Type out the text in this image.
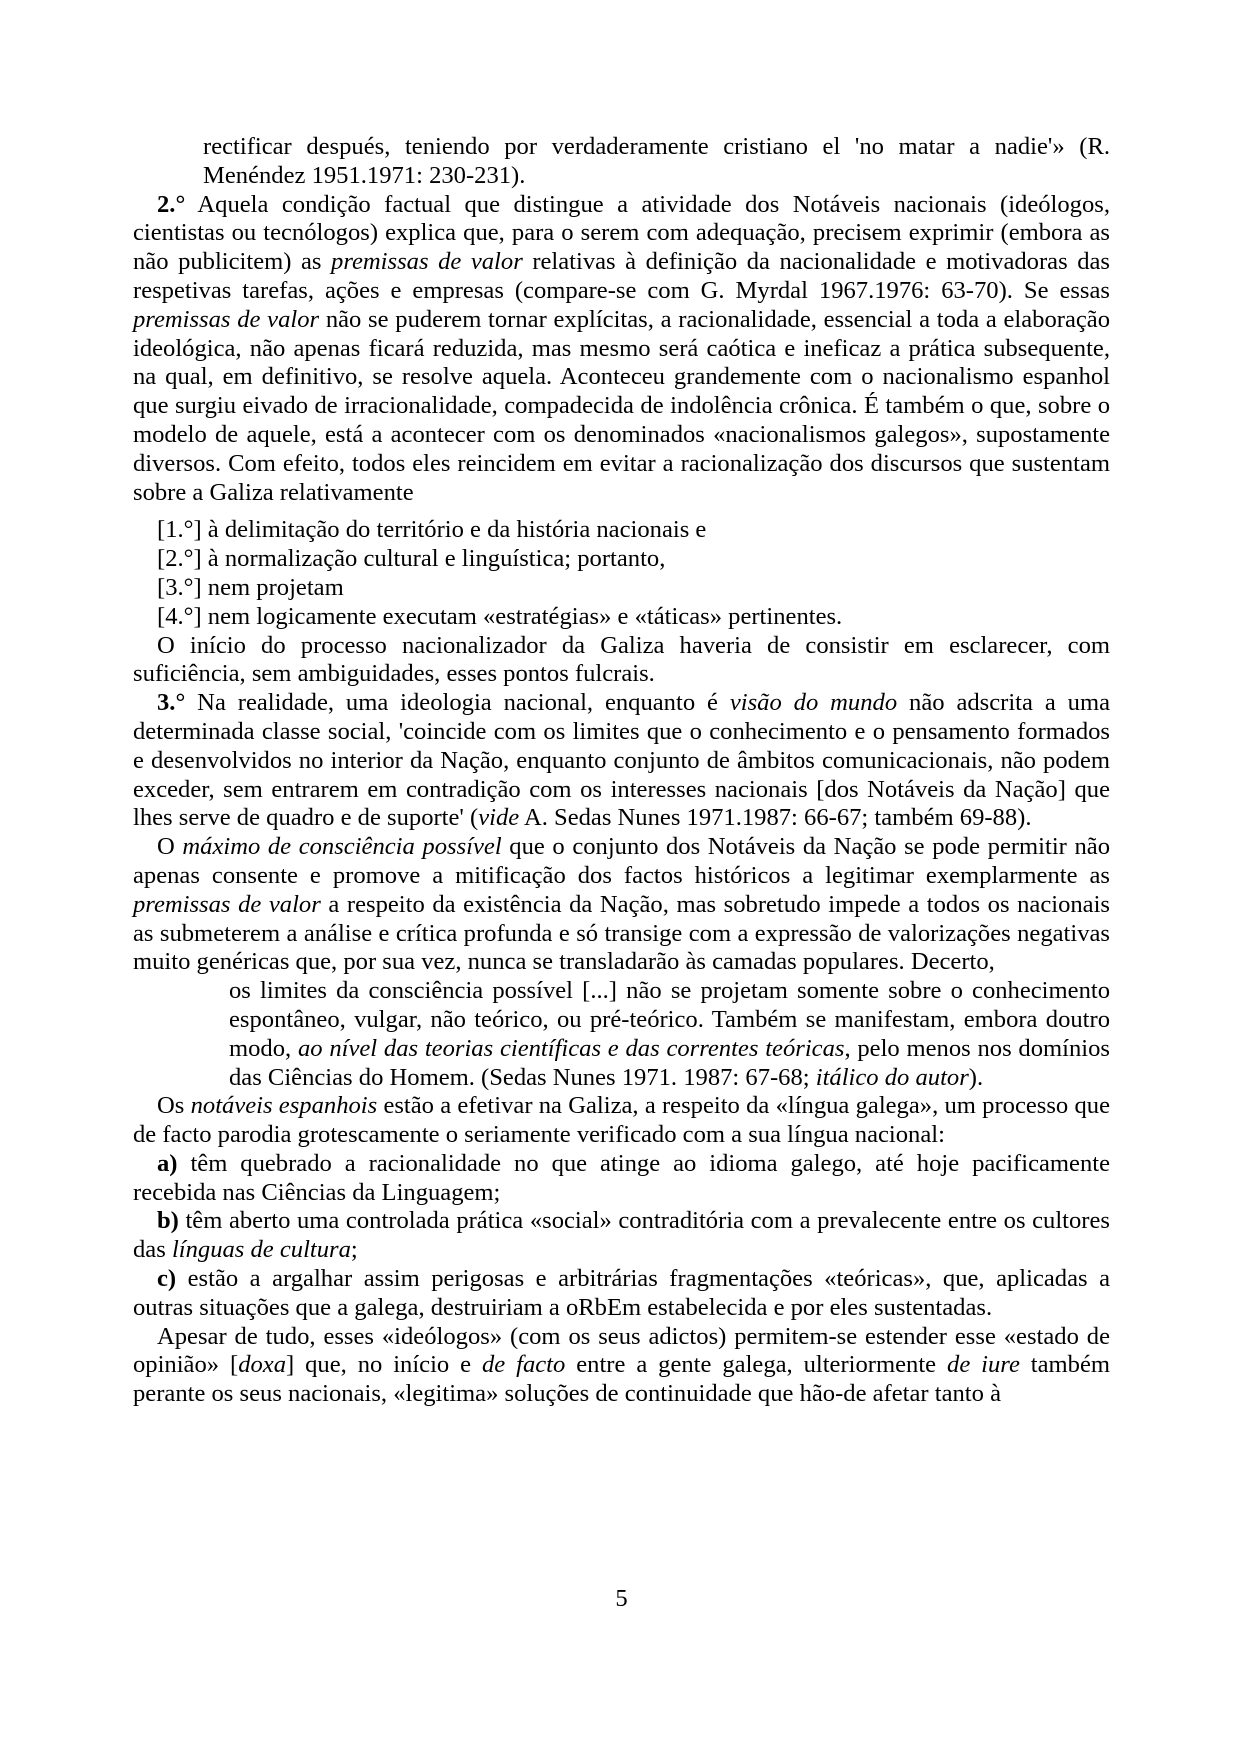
rectificar después, teniendo por verdaderamente cristiano el 'no matar a nadie'» (R. Menéndez 1951.1971: 230-231).

2.° Aquela condição factual que distingue a atividade dos Notáveis nacionais (ideólogos, cientistas ou tecnólogos) explica que, para o serem com adequação, precisem exprimir (embora as não publicitem) as premissas de valor relativas à definição da nacionalidade e motivadoras das respetivas tarefas, ações e empresas (compare-se com G. Myrdal 1967.1976: 63-70). Se essas premissas de valor não se puderem tornar explícitas, a racionalidade, essencial a toda a elaboração ideológica, não apenas ficará reduzida, mas mesmo será caótica e ineficaz a prática subsequente, na qual, em definitivo, se resolve aquela. Aconteceu grandemente com o nacionalismo espanhol que surgiu eivado de irracionalidade, compadecida de indolência crônica. É também o que, sobre o modelo de aquele, está a acontecer com os denominados «nacionalismos galegos», supostamente diversos. Com efeito, todos eles reincidem em evitar a racionalização dos discursos que sustentam sobre a Galiza relativamente

[1.°] à delimitação do território e da história nacionais e
[2.°] à normalização cultural e linguística; portanto,
[3.°] nem projetam
[4.°] nem logicamente executam «estratégias» e «táticas» pertinentes.

O início do processo nacionalizador da Galiza haveria de consistir em esclarecer, com suficiência, sem ambiguidades, esses pontos fulcrais.

3.° Na realidade, uma ideologia nacional, enquanto é visão do mundo não adscrita a uma determinada classe social, 'coincide com os limites que o conhecimento e o pensamento formados e desenvolvidos no interior da Nação, enquanto conjunto de âmbitos comunicacionais, não podem exceder, sem entrarem em contradição com os interesses nacionais [dos Notáveis da Nação] que lhes serve de quadro e de suporte' (vide A. Sedas Nunes 1971.1987: 66-67; também 69-88).

O máximo de consciência possível que o conjunto dos Notáveis da Nação se pode permitir não apenas consente e promove a mitificação dos factos históricos a legitimar exemplarmente as premissas de valor a respeito da existência da Nação, mas sobretudo impede a todos os nacionais as submeterem a análise e crítica profunda e só transige com a expressão de valorizações negativas muito genéricas que, por sua vez, nunca se transladarão às camadas populares. Decerto,

os limites da consciência possível [...] não se projetam somente sobre o conhecimento espontâneo, vulgar, não teórico, ou pré-teórico. Também se manifestam, embora doutro modo, ao nível das teorias científicas e das correntes teóricas, pelo menos nos domínios das Ciências do Homem. (Sedas Nunes 1971. 1987: 67-68; itálico do autor).

Os notáveis espanhois estão a efetivar na Galiza, a respeito da «língua galega», um processo que de facto parodia grotescamente o seriamente verificado com a sua língua nacional:

a) têm quebrado a racionalidade no que atinge ao idioma galego, até hoje pacificamente recebida nas Ciências da Linguagem;

b) têm aberto uma controlada prática «social» contraditória com a prevalecente entre os cultores das línguas de cultura;

c) estão a argalhar assim perigosas e arbitrárias fragmentações «teóricas», que, aplicadas a outras situações que a galega, destruiriam a oRbEm estabelecida e por eles sustentadas.

Apesar de tudo, esses «ideólogos» (com os seus adictos) permitem-se estender esse «estado de opinião» [doxa] que, no início e de facto entre a gente galega, ulteriormente de iure também perante os seus nacionais, «legitima» soluções de continuidade que hão-de afetar tanto à

5
